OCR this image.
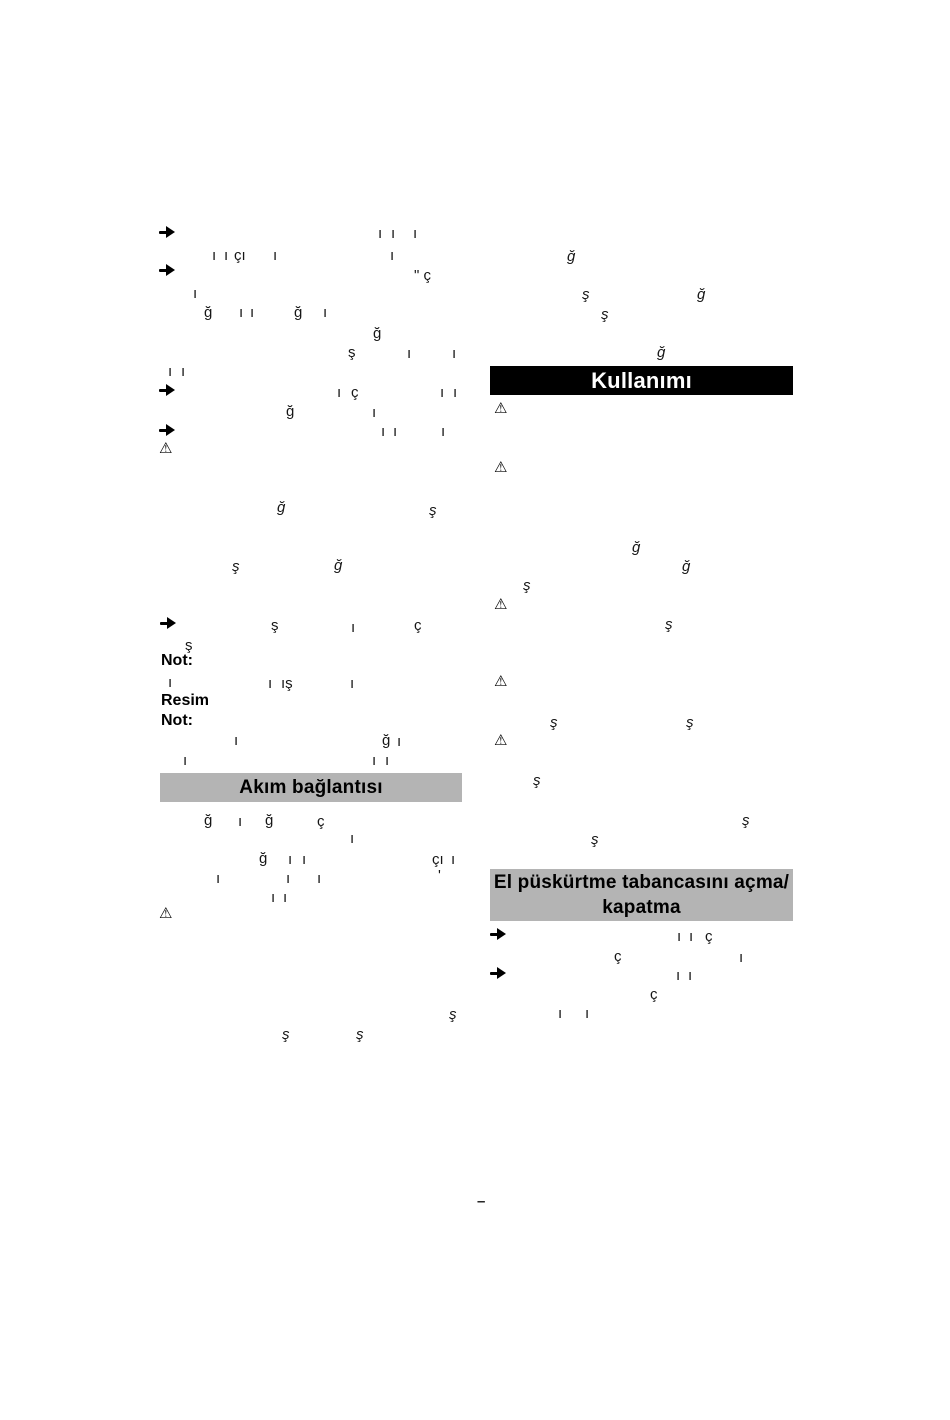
Akım bağlantısı
Kullanımı
El püskürtme tabancasını açma/
kapatma
ı ı ı
ı ı çı ı	ı
" ç
ı
ğ ı ı	ğ ı
ğ
ş	ı	ı
ı ı
ı ç	ı ı
ğ	ı
ı ı	ı
⚠
ğ	ş
ş	ğ
ş	ı	ç
ş
Not:
ı	ı ış	ı
Resim
Not:
ı	ğ ı
ı	ı ı
ğ ı ğ	ç
ı
ğ ı ı	çı ı
ı	ı ı	'
ı ı
⚠
ş
ş	ş
ğ
ş	ğ
ş
ğ
⚠
⚠
ğ
ğ
ş
⚠
ş
⚠
ş	ş
⚠
ş
ş
ş
ı ı ç
ç	ı
ı ı
ç
ı ı
–
